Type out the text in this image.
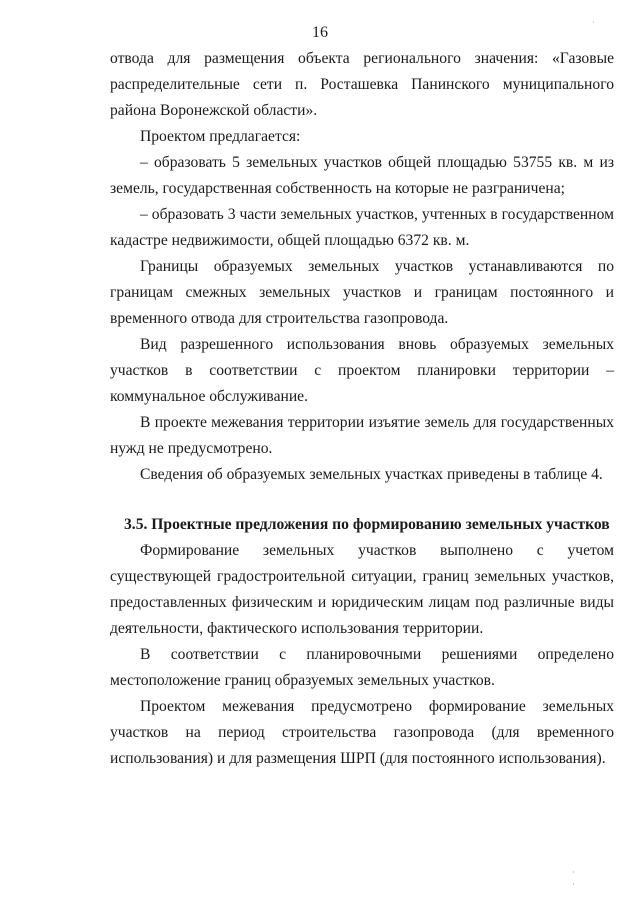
16

отвода для размещения объекта регионального значения: «Газовые распределительные сети п. Росташевка Панинского муниципального района Воронежской области».

Проектом предлагается:

– образовать 5 земельных участков общей площадью 53755 кв. м из земель, государственная собственность на которые не разграничена;

– образовать 3 части земельных участков, учтенных в государственном кадастре недвижимости, общей площадью 6372 кв. м.

Границы образуемых земельных участков устанавливаются по границам смежных земельных участков и границам постоянного и временного отвода для строительства газопровода.

Вид разрешенного использования вновь образуемых земельных участков в соответствии с проектом планировки территории – коммунальное обслуживание.

В проекте межевания территории изъятие земель для государственных нужд не предусмотрено.

Сведения об образуемых земельных участках приведены в таблице 4.

3.5. Проектные предложения по формированию земельных участков

Формирование земельных участков выполнено с учетом существующей градостроительной ситуации, границ земельных участков, предоставленных физическим и юридическим лицам под различные виды деятельности, фактического использования территории.

В соответствии с планировочными решениями определено местоположение границ образуемых земельных участков.

Проектом межевания предусмотрено формирование земельных участков на период строительства газопровода (для временного использования) и для размещения ШРП (для постоянного использования).

·
·
·
